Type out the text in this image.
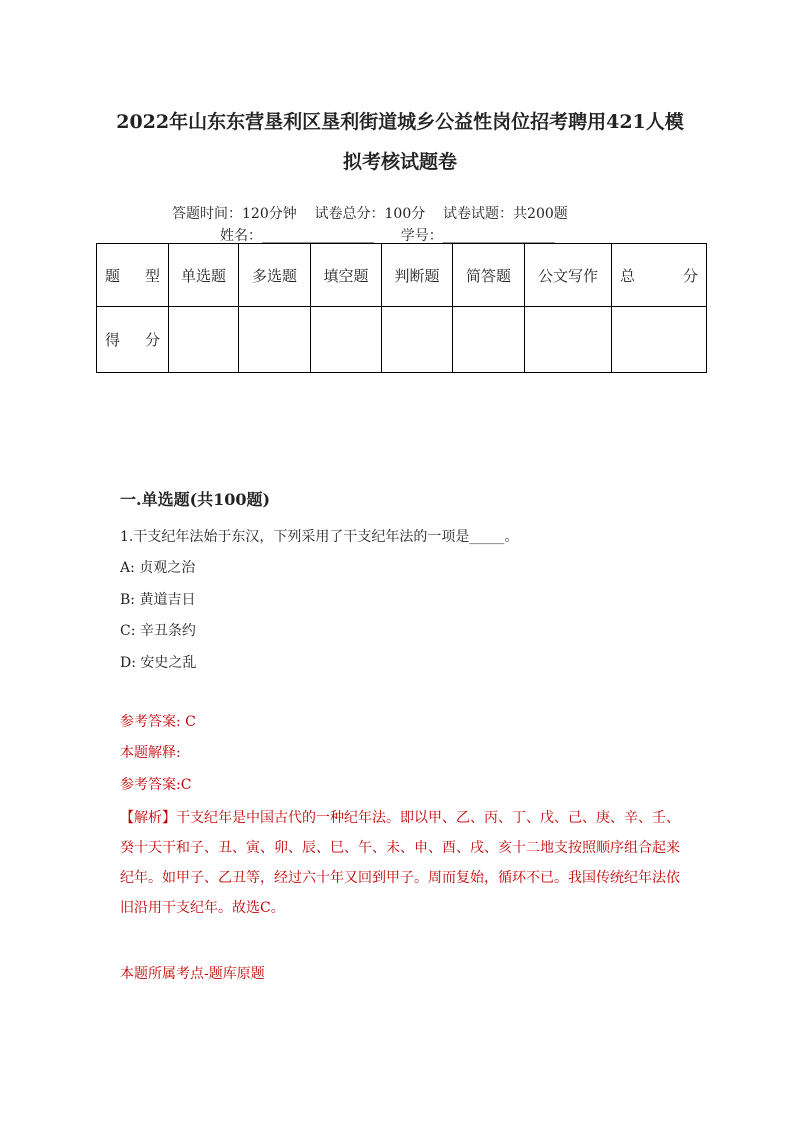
2022年山东东营垦利区垦利街道城乡公益性岗位招考聘用421人模
拟考核试题卷
答题时间：120分钟    试卷总分：100分    试卷试题：共200题
姓名：________________      学号：________________
题 型	单选题	多选题	填空题	判断题	简答题	公文写作	总 分

得 分							

一.单选题(共100题)
1.干支纪年法始于东汉，下列采用了干支纪年法的一项是_____。
A: 贞观之治
B: 黄道吉日
C: 辛丑条约
D: 安史之乱
参考答案: C
本题解释:
参考答案:C
【解析】干支纪年是中国古代的一种纪年法。即以甲、乙、丙、丁、戊、己、庚、辛、壬、癸十天干和子、丑、寅、卯、辰、巳、午、未、申、酉、戌、亥十二地支按照顺序组合起来纪年。如甲子、乙丑等，经过六十年又回到甲子。周而复始，循环不已。我国传统纪年法依旧沿用干支纪年。故选C。
本题所属考点-题库原题
